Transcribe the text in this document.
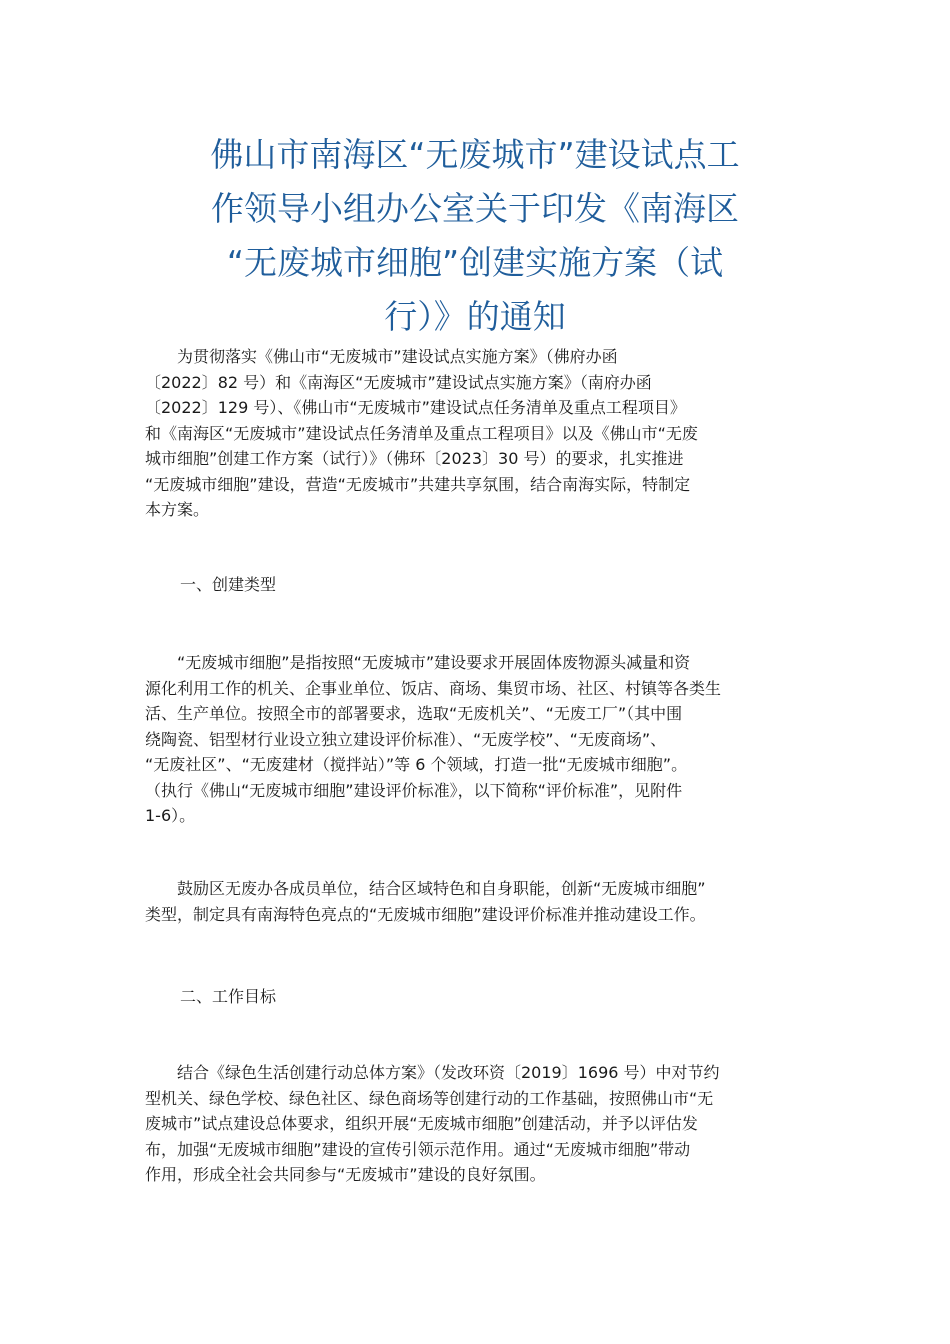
佛山市南海区“无废城市”建设试点工
作领导小组办公室关于印发《南海区
“无废城市细胞”创建实施方案（试
行）》的通知

　　为贯彻落实《佛山市“无废城市”建设试点实施方案》（佛府办函
〔2022〕82 号）和《南海区“无废城市”建设试点实施方案》（南府办函
〔2022〕129 号）、《佛山市“无废城市”建设试点任务清单及重点工程项目》
和《南海区“无废城市”建设试点任务清单及重点工程项目》以及《佛山市“无废
城市细胞”创建工作方案（试行）》（佛环〔2023〕30 号）的要求，扎实推进
“无废城市细胞”建设，营造“无废城市”共建共享氛围，结合南海实际，特制定
本方案。

一、创建类型

　　“无废城市细胞”是指按照“无废城市”建设要求开展固体废物源头减量和资
源化利用工作的机关、企事业单位、饭店、商场、集贸市场、社区、村镇等各类生
活、生产单位。按照全市的部署要求，选取“无废机关”、“无废工厂”（其中围
绕陶瓷、铝型材行业设立独立建设评价标准）、“无废学校”、“无废商场”、
“无废社区”、“无废建材（搅拌站）”等 6 个领域，打造一批“无废城市细胞”。
（执行《佛山“无废城市细胞”建设评价标准》，以下简称“评价标准”，见附件
1-6）。

　　鼓励区无废办各成员单位，结合区域特色和自身职能，创新“无废城市细胞”
类型，制定具有南海特色亮点的“无废城市细胞”建设评价标准并推动建设工作。

二、工作目标

　　结合《绿色生活创建行动总体方案》（发改环资〔2019〕1696 号）中对节约
型机关、绿色学校、绿色社区、绿色商场等创建行动的工作基础，按照佛山市“无
废城市”试点建设总体要求，组织开展“无废城市细胞”创建活动，并予以评估发
布，加强“无废城市细胞”建设的宣传引领示范作用。通过“无废城市细胞”带动
作用，形成全社会共同参与“无废城市”建设的良好氛围。
